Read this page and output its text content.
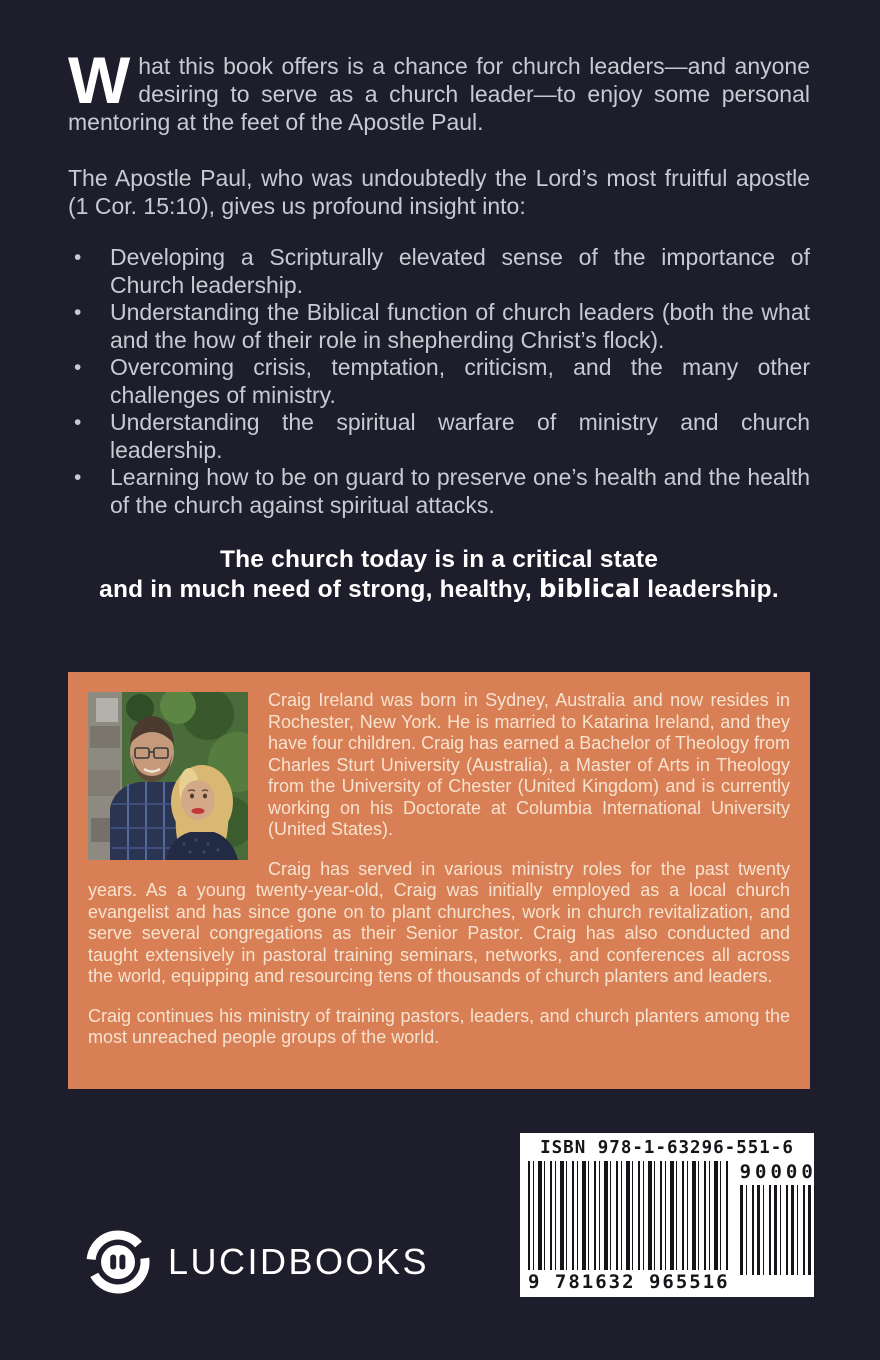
What this book offers is a chance for church leaders—and anyone desiring to serve as a church leader—to enjoy some personal mentoring at the feet of the Apostle Paul.

The Apostle Paul, who was undoubtedly the Lord’s most fruitful apostle (1 Cor. 15:10), gives us profound insight into:

• Developing a Scripturally elevated sense of the importance of Church leadership.
• Understanding the Biblical function of church leaders (both the what and the how of their role in shepherding Christ’s flock).
• Overcoming crisis, temptation, criticism, and the many other challenges of ministry.
• Understanding the spiritual warfare of ministry and church leadership.
• Learning how to be on guard to preserve one’s health and the health of the church against spiritual attacks.

The church today is in a critical state
and in much need of strong, healthy, biblical leadership.

Craig Ireland was born in Sydney, Australia and now resides in Rochester, New York. He is married to Katarina Ireland, and they have four children. Craig has earned a Bachelor of Theology from Charles Sturt University (Australia), a Master of Arts in Theology from the University of Chester (United Kingdom) and is currently working on his Doctorate at Columbia International University (United States).

Craig has served in various ministry roles for the past twenty years. As a young twenty-year-old, Craig was initially employed as a local church evangelist and has since gone on to plant churches, work in church revitalization, and serve several congregations as their Senior Pastor. Craig has also conducted and taught extensively in pastoral training seminars, networks, and conferences all across the world, equipping and resourcing tens of thousands of church planters and leaders.

Craig continues his ministry of training pastors, leaders, and church planters among the most unreached people groups of the world.

ISBN 978-1-63296-551-6
9 781632 965516
90000
LUCIDBOOKS
